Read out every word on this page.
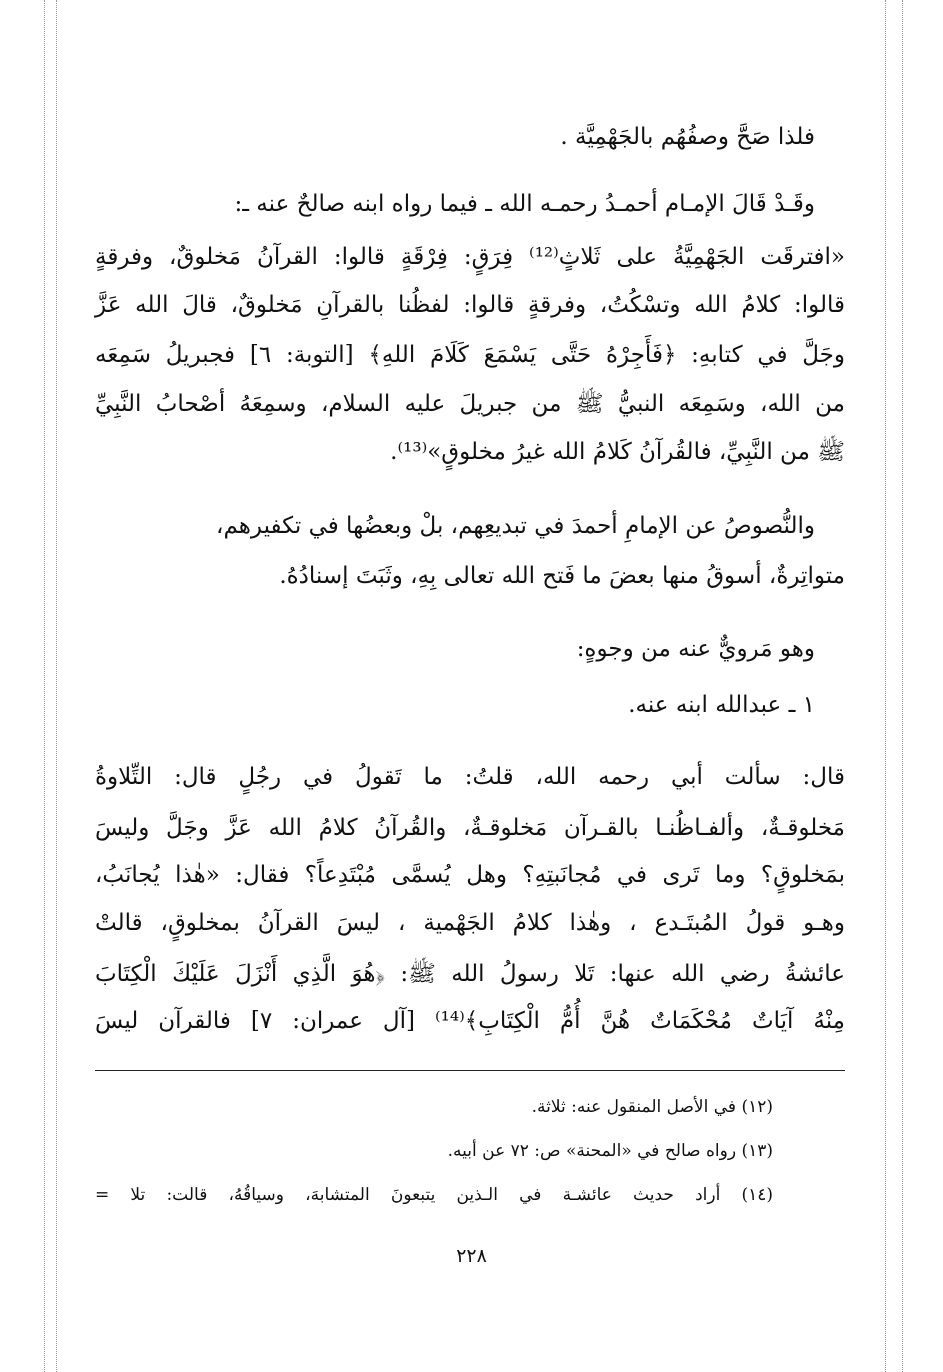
فلذا صَحَّ وصفُهُم بالجَهْمِيَّة .
وقَـدْ قَالَ الإمـام أحمـدُ رحمـه الله ـ فيما رواه ابنه صالحٌ عنه ـ:
«افترقَت الجَهْمِيَّةُ على ثَلاثٍ⁽¹²⁾ فِرَقٍ: فِرْقَةٍ قالوا: القرآنُ مَخلوقٌ، وفرقةٍ
قالوا: كلامُ الله وتسْكُتُ، وفرقةٍ قالوا: لفظُنا بالقرآنِ مَخلوقٌ، قالَ الله عَزَّ
وجَلَّ في كتابهِ: ﴿فَأَجِرْهُ حَتَّى يَسْمَعَ كَلَامَ اللهِ﴾ [التوبة: ٦] فجبريلُ سَمِعَه
من الله، وسَمِعَه النبيُّ ﷺ من جبريلَ عليه السلام، وسمِعَهُ أصْحابُ النَّبِيِّ
ﷺ من النَّبِيِّ، فالقُرآنُ كَلامُ الله غيرُ مخلوقٍ»⁽¹³⁾.
والنُّصوصُ عن الإمامِ أحمدَ في تبديعِهم، بلْ وبعضُها في تكفيرهم،
متواتِرةٌ، أسوقُ منها بعضَ ما فَتح الله تعالى بِهِ، وثَبَتَ إسنادُهُ.
وهو مَرويٌّ عنه من وجوهٍ:
١ ـ عبدالله ابنه عنه.
قال: سألت أبي رحمه الله، قلتُ: ما تَقولُ في رجُلٍ قال: التِّلاوةُ
مَخلوقـةٌ، وألفـاظُنـا بالقـرآن مَخلوقـةٌ، والقُرآنُ كلامُ الله عَزَّ وجَلَّ وليسَ
بمَخلوقٍ؟ وما تَرى في مُجانَبتِهِ؟ وهل يُسمَّى مُبْتَدِعاً؟ فقال: «هٰذا يُجانَبُ،
وهـو قولُ المُبتَـدع ، وهٰذا كلامُ الجَهْمية ، ليسَ القرآنُ بمخلوقٍ، قالتْ
عائشةُ رضي الله عنها: تَلا رسولُ الله ﷺ: ﴿هُوَ الَّذِي أَنْزَلَ عَلَيْكَ الْكِتَابَ
مِنْهُ آيَاتٌ مُحْكَمَاتٌ هُنَّ أُمُّ الْكِتَابِ﴾⁽¹⁴⁾ [آل عمران: ٧] فالقرآن ليسَ
(١٢) في الأصل المنقول عنه: ثلاثة.
(١٣) رواه صالح في «المحنة» ص: ٧٢ عن أبيه.
(١٤) أراد حديث عائشـة في الـذين يتبعونَ المتشابهَ، وسياقُهُ، قالت: تلا =
٢٢٨
